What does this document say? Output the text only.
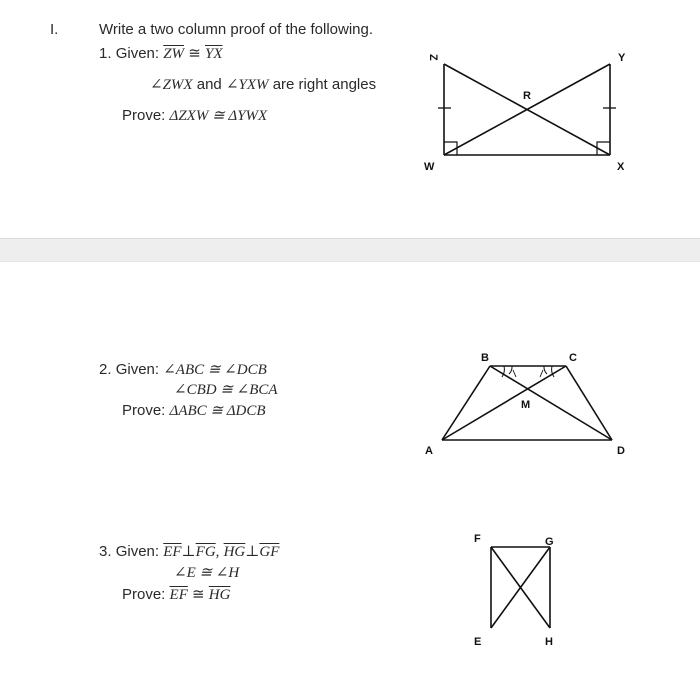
I.	Write a two column proof of the following.
1. Given: $\overline{ZW}$ ≅ $\overline{YX}$
∠ZWX and ∠YXW are right angles
Prove: ΔZXW ≅ ΔYWX
Z	Y
R
W	X
2. Given: ∠ABC ≅ ∠DCB
∠CBD ≅ ∠BCA
Prove: ΔABC ≅ ΔDCB
B	C
M
A	D
3. Given: $\overline{EF}\perp\overline{FG}$, $\overline{HG}\perp\overline{GF}$
∠E ≅ ∠H
Prove: $\overline{EF}$ ≅ $\overline{HG}$
F	G
E	H
